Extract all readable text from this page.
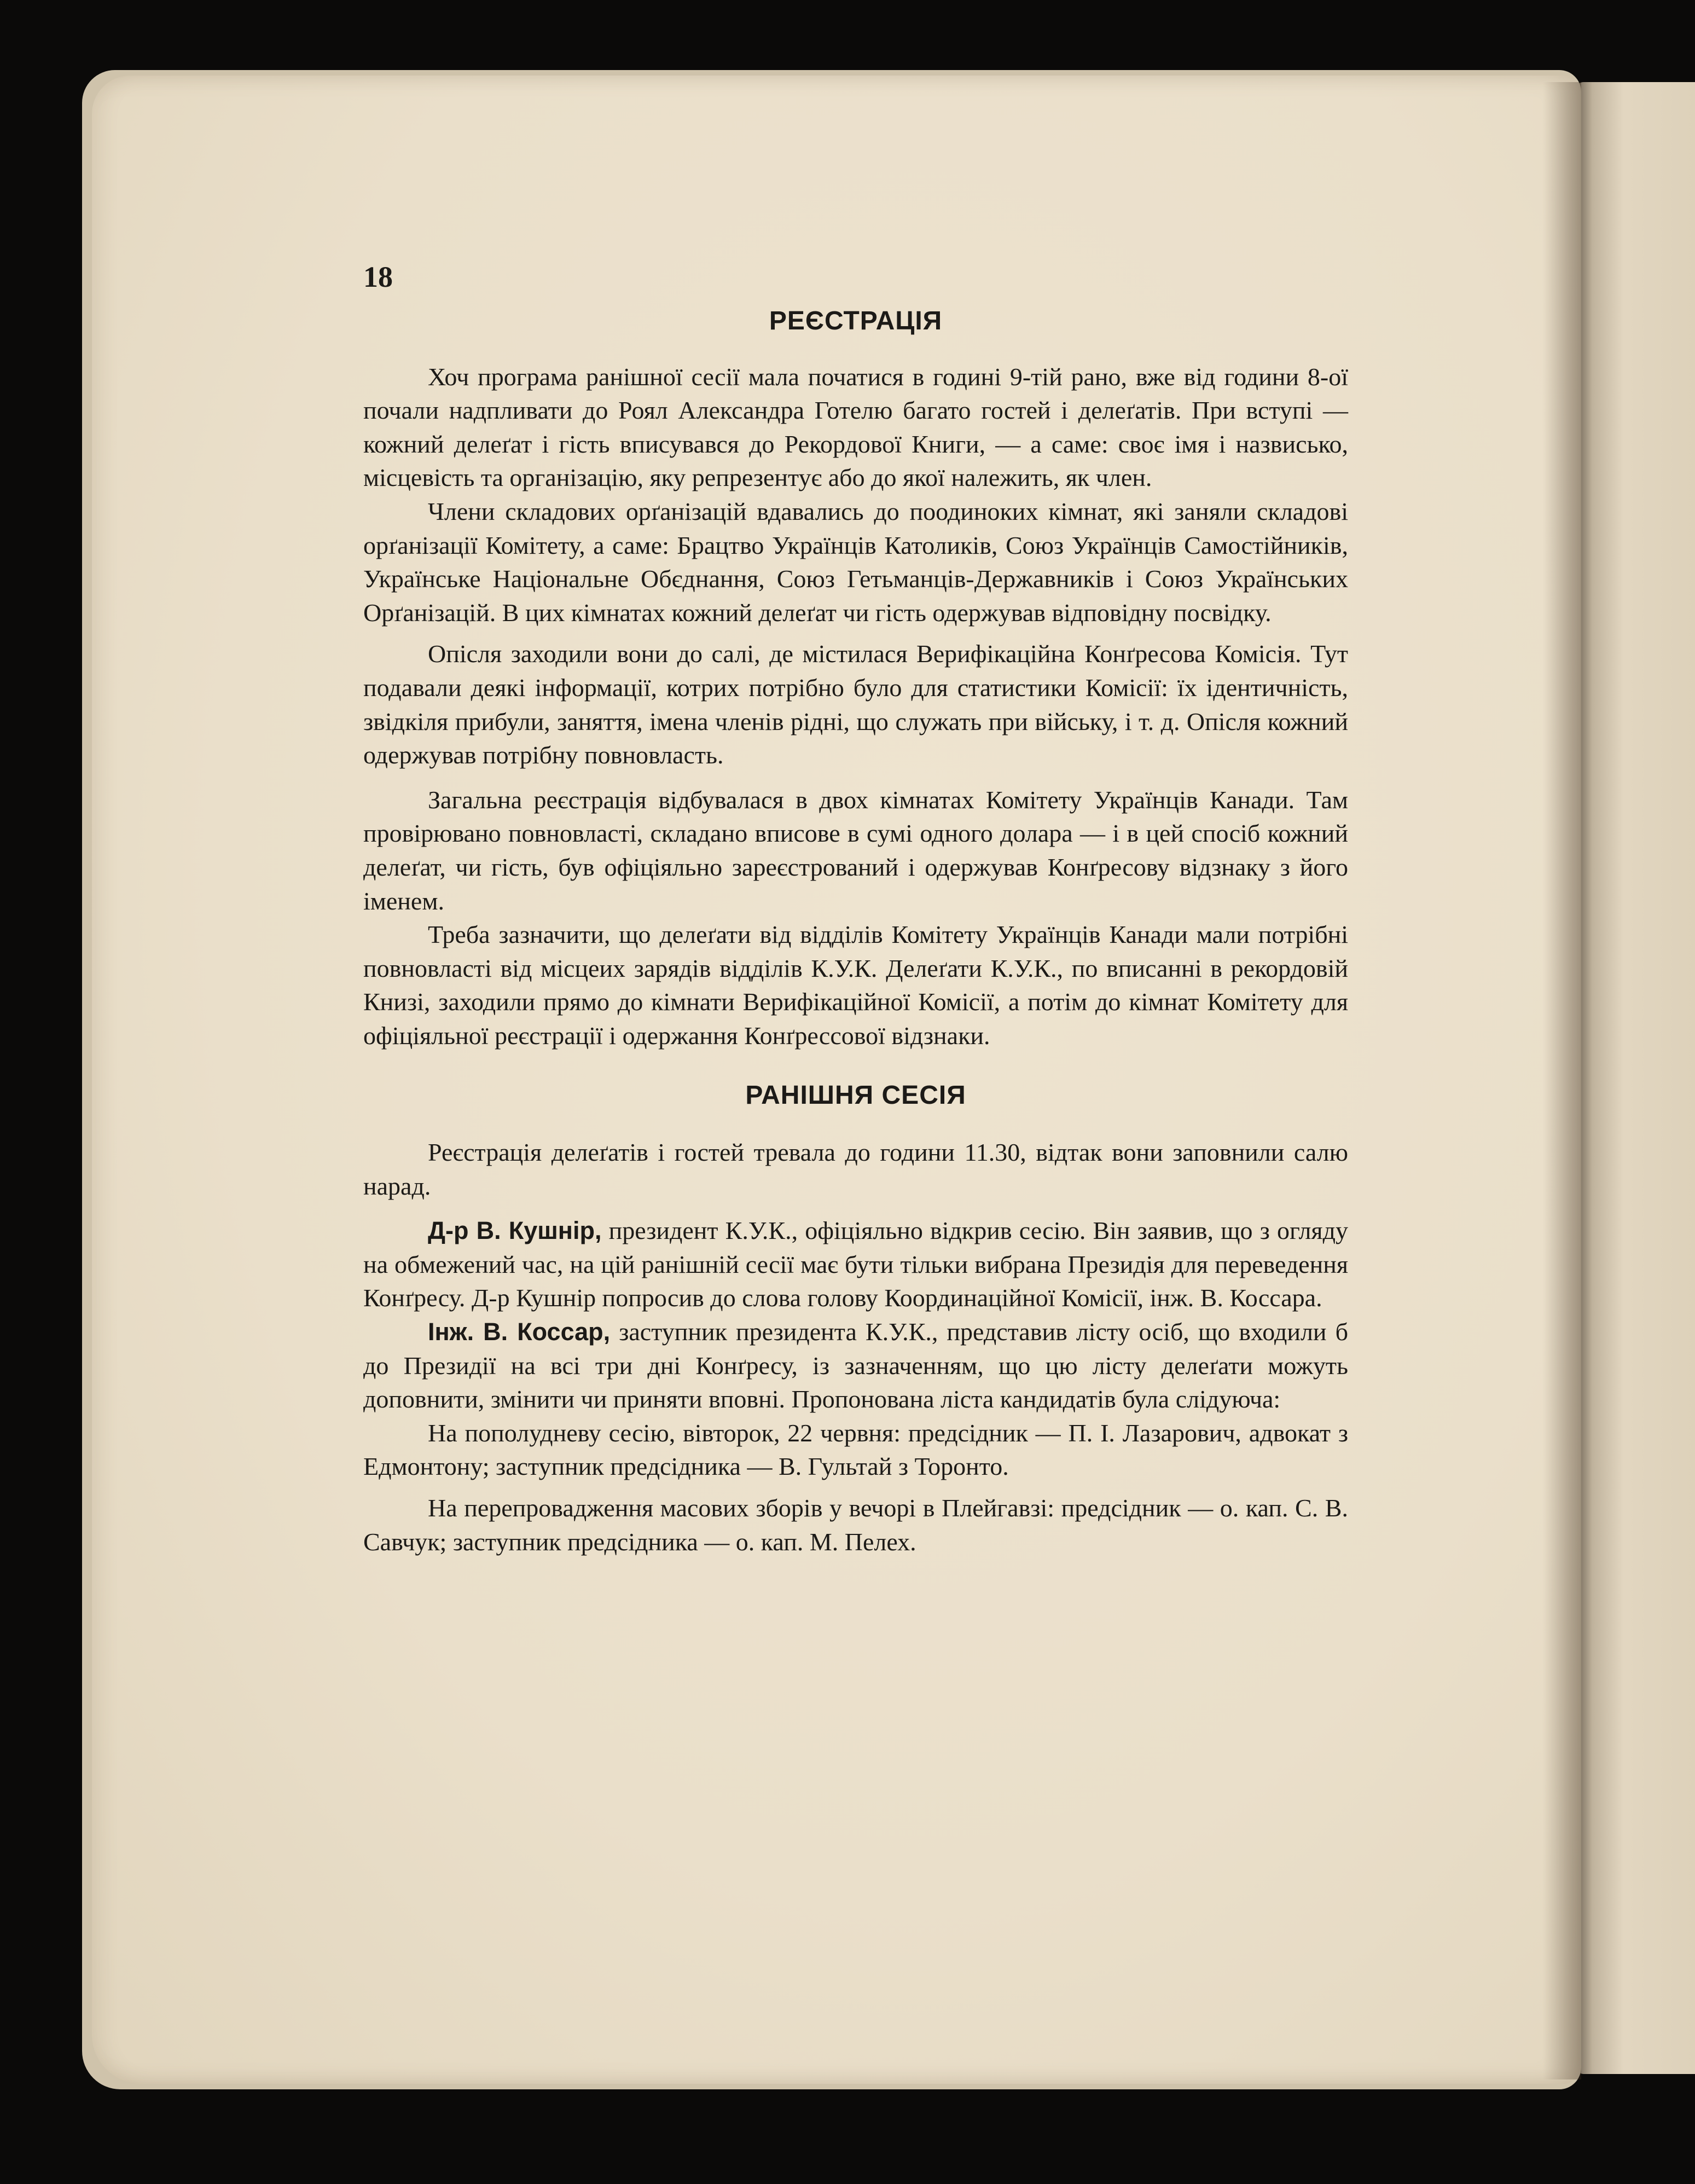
18
РЕЄСТРАЦІЯ

Хоч програма ранішної сесії мала початися в годині 9-тій рано, вже від години 8-ої почали надпливати до Роял Александра Готелю багато гостей і делеґатів. При вступі — кожний делеґат і гість вписувався до Рекордової Книги, — а саме: своє імя і назвисько, місцевість та організацію, яку репрезентує або до якої належить, як член.

Члени складових орґанізацій вдавались до поодиноких кімнат, які заняли складові орґанізації Комітету, а саме: Брацтво Українців Католиків, Союз Українців Самостійників, Українське Національне Обєднання, Союз Гетьманців-Державників і Союз Українських Орґанізацій. В цих кімнатах кожний делеґат чи гість одержував відповідну посвідку.

Опісля заходили вони до салі, де містилася Верифікаційна Конґресова Комісія. Тут подавали деякі інформації, котрих потрібно було для статистики Комісії: їх ідентичність, звідкіля прибули, заняття, імена членів рідні, що служать при війську, і т. д. Опісля кожний одержував потрібну повновласть.

Загальна реєстрація відбувалася в двох кімнатах Комітету Українців Канади. Там провірювано повновласті, складано вписове в сумі одного долара — і в цей спосіб кожний делеґат, чи гість, був офіціяльно зареєстрований і одержував Конґресову відзнаку з його іменем.

Треба зазначити, що делеґати від відділів Комітету Українців Канади мали потрібні повновласті від місцеих зарядів відділів К.У.К. Делеґати К.У.К., по вписанні в рекордовій Книзі, заходили прямо до кімнати Верифікаційної Комісії, а потім до кімнат Комітету для офіціяльної реєстрації і одержання Конґрессової відзнаки.

РАНІШНЯ СЕСІЯ

Реєстрація делеґатів і гостей тревала до години 11.30, відтак вони заповнили салю нарад.

Д-р В. Кушнір, президент К.У.К., офіціяльно відкрив сесію. Він заявив, що з огляду на обмежений час, на цій ранішній сесії має бути тільки вибрана Президія для переведення Конґресу. Д-р Кушнір попросив до слова голову Координаційної Комісії, інж. В. Коссара.

Інж. В. Коссар, заступник президента К.У.К., представив лісту осіб, що входили б до Президії на всі три дні Конґресу, із зазначенням, що цю лісту делеґати можуть доповнити, змінити чи приняти вповні. Пропонована ліста кандидатів була слідуюча:

На пополудневу сесію, вівторок, 22 червня: предсідник — П. І. Лазарович, адвокат з Едмонтону; заступник предсідника — В. Гультай з Торонто.

На перепровадження масових зборів у вечорі в Плейгавзі: предсідник — о. кап. С. В. Савчук; заступник предсідника — о. кап. М. Пелех.
